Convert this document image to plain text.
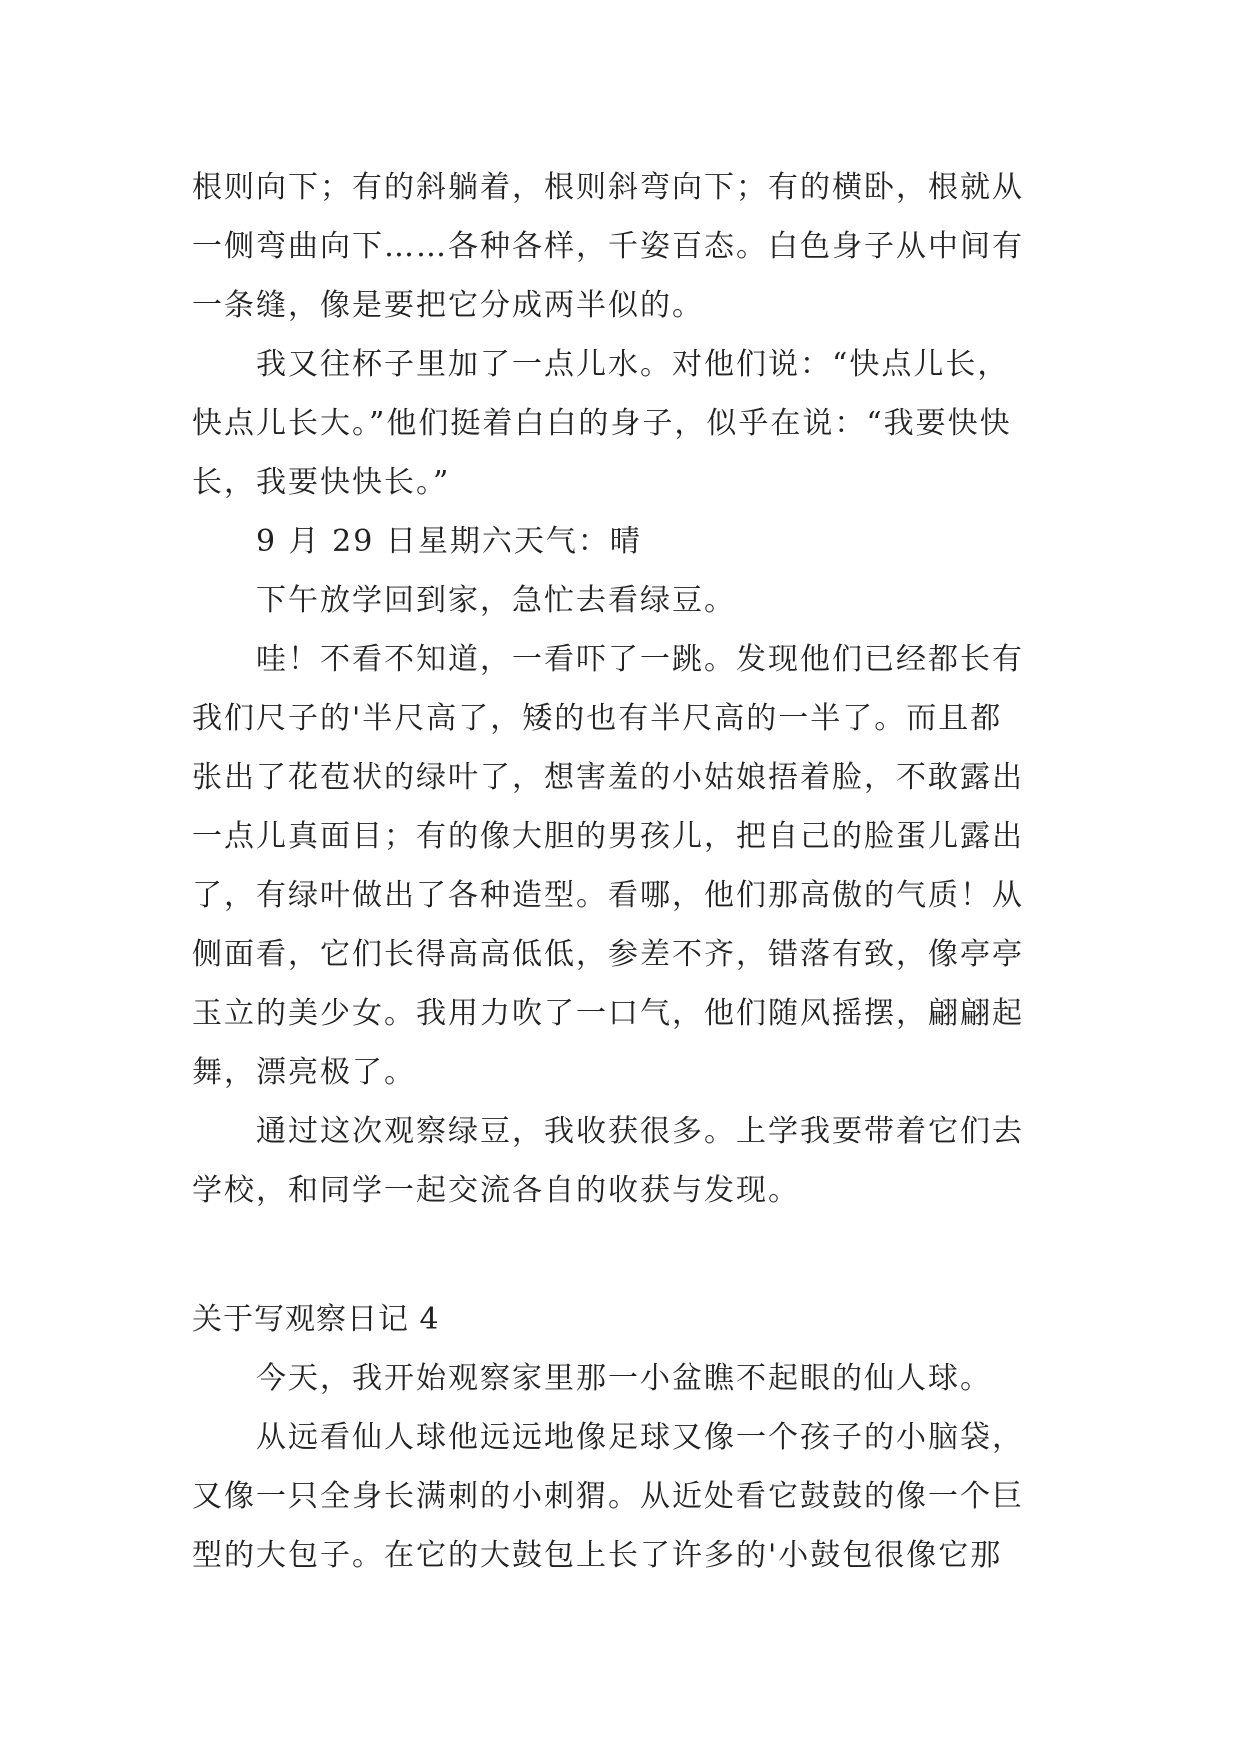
根则向下；有的斜躺着，根则斜弯向下；有的横卧，根就从
一侧弯曲向下……各种各样，千姿百态。白色身子从中间有
一条缝，像是要把它分成两半似的。
我又往杯子里加了一点儿水。对他们说：“快点儿长，
快点儿长大。”他们挺着白白的身子，似乎在说：“我要快快
长，我要快快长。”
9 月 29 日星期六天气：晴
下午放学回到家，急忙去看绿豆。
哇！不看不知道，一看吓了一跳。发现他们已经都长有
我们尺子的'半尺高了，矮的也有半尺高的一半了。而且都
张出了花苞状的绿叶了，想害羞的小姑娘捂着脸，不敢露出
一点儿真面目；有的像大胆的男孩儿，把自己的脸蛋儿露出
了，有绿叶做出了各种造型。看哪，他们那高傲的气质！从
侧面看，它们长得高高低低，参差不齐，错落有致，像亭亭
玉立的美少女。我用力吹了一口气，他们随风摇摆，翩翩起
舞，漂亮极了。
通过这次观察绿豆，我收获很多。上学我要带着它们去
学校，和同学一起交流各自的收获与发现。
关于写观察日记 4
今天，我开始观察家里那一小盆瞧不起眼的仙人球。
从远看仙人球他远远地像足球又像一个孩子的小脑袋，
又像一只全身长满刺的小刺猬。从近处看它鼓鼓的像一个巨
型的大包子。在它的大鼓包上长了许多的'小鼓包很像它那
